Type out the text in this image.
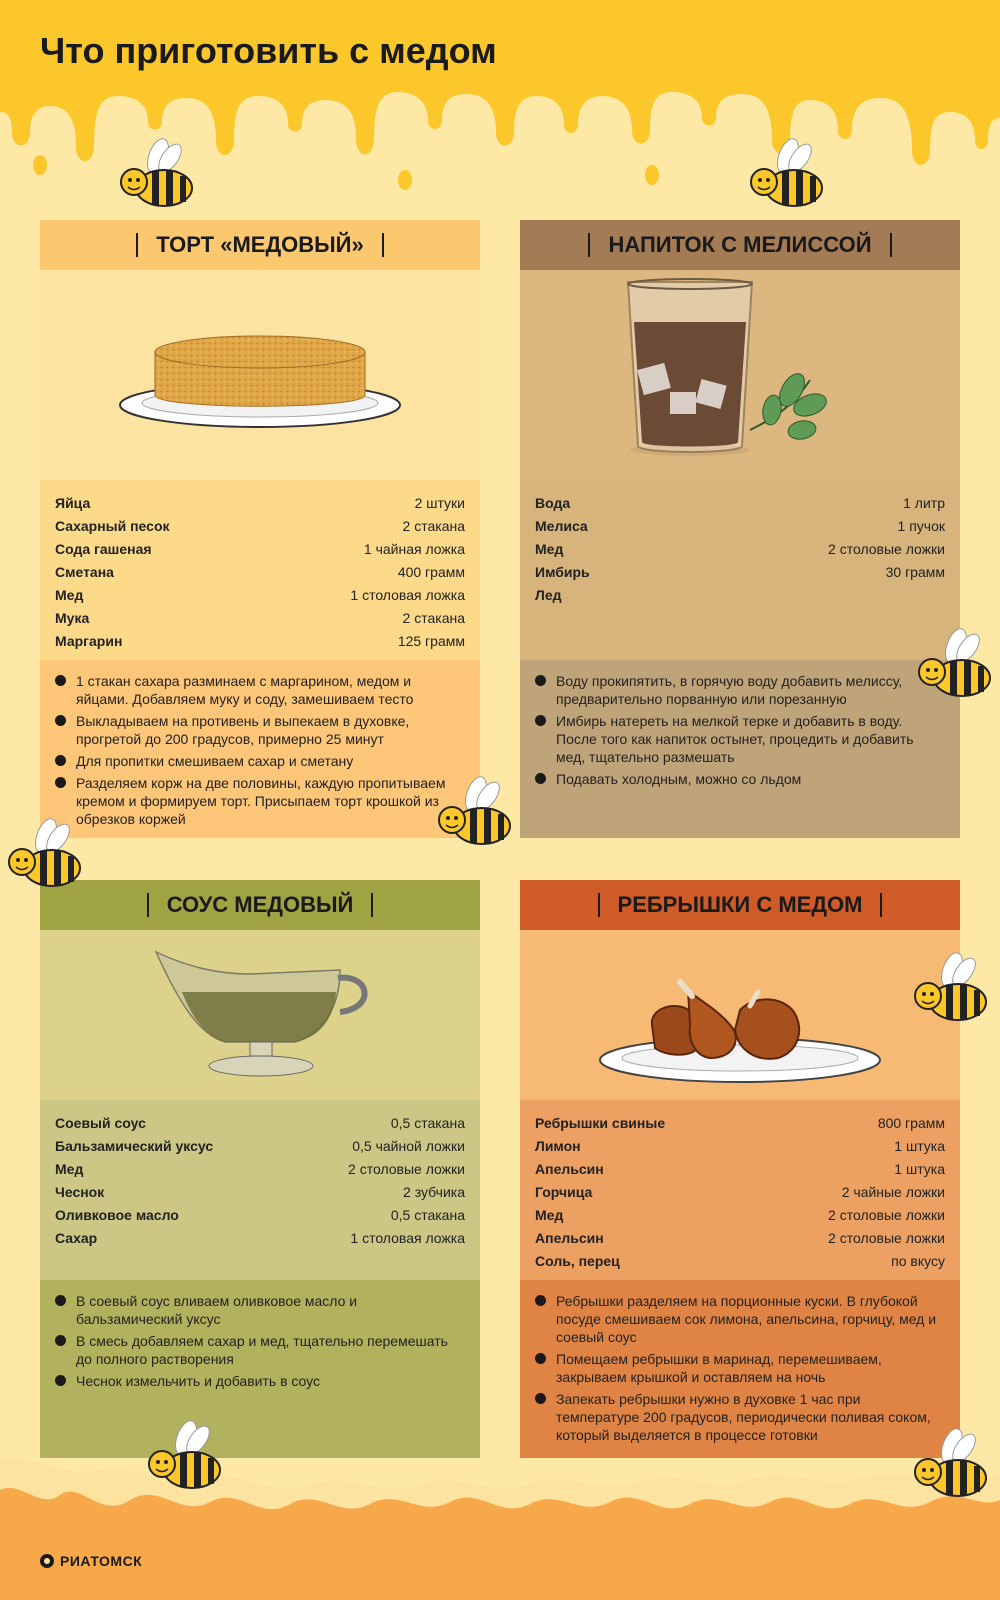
Что приготовить с медом
ТОРТ «МЕДОВЫЙ»
Яйца	2 штуки
Сахарный песок	2 стакана
Сода гашеная	1 чайная ложка
Сметана	400 грамм
Мед	1 столовая ложка
Мука	2 стакана
Маргарин	125 грамм
1 стакан сахара разминаем с маргарином, медом и яйцами. Добавляем муку и соду, замешиваем тесто
Выкладываем на противень и выпекаем в духовке, прогретой до 200 градусов, примерно 25 минут
Для пропитки смешиваем сахар и сметану
Разделяем корж на две половины, каждую пропитываем кремом и формируем торт. Присыпаем торт крошкой из обрезков коржей
НАПИТОК С МЕЛИССОЙ
Вода	1 литр
Мелиса	1 пучок
Мед	2 столовые ложки
Имбирь	30 грамм
Лед
Воду прокипятить, в горячую воду добавить мелиссу, предварительно порванную или порезанную
Имбирь натереть на мелкой терке и добавить в воду. После того как напиток остынет, процедить и добавить мед, тщательно размешать
Подавать холодным, можно со льдом
СОУС МЕДОВЫЙ
Соевый соус	0,5 стакана
Бальзамический уксус	0,5 чайной ложки
Мед	2 столовые ложки
Чеснок	2 зубчика
Оливковое масло	0,5 стакана
Сахар	1 столовая ложка
В соевый соус вливаем оливковое масло и бальзамический уксус
В смесь добавляем сахар и мед, тщательно перемешать до полного растворения
Чеснок измельчить и добавить в соус
РЕБРЫШКИ С МЕДОМ
Ребрышки свиные	800 грамм
Лимон	1 штука
Апельсин	1 штука
Горчица	2 чайные ложки
Мед	2 столовые ложки
Апельсин	2 столовые ложки
Соль, перец	по вкусу
Ребрышки разделяем на порционные куски. В глубокой посуде смешиваем сок лимона, апельсина, горчицу, мед и соевый соус
Помещаем ребрышки в маринад, перемешиваем, закрываем крышкой и оставляем на ночь
Запекать ребрышки нужно в духовке 1 час при температуре 200 градусов, периодически поливая соком, который выделяется в процессе готовки
РИАТОМСК
